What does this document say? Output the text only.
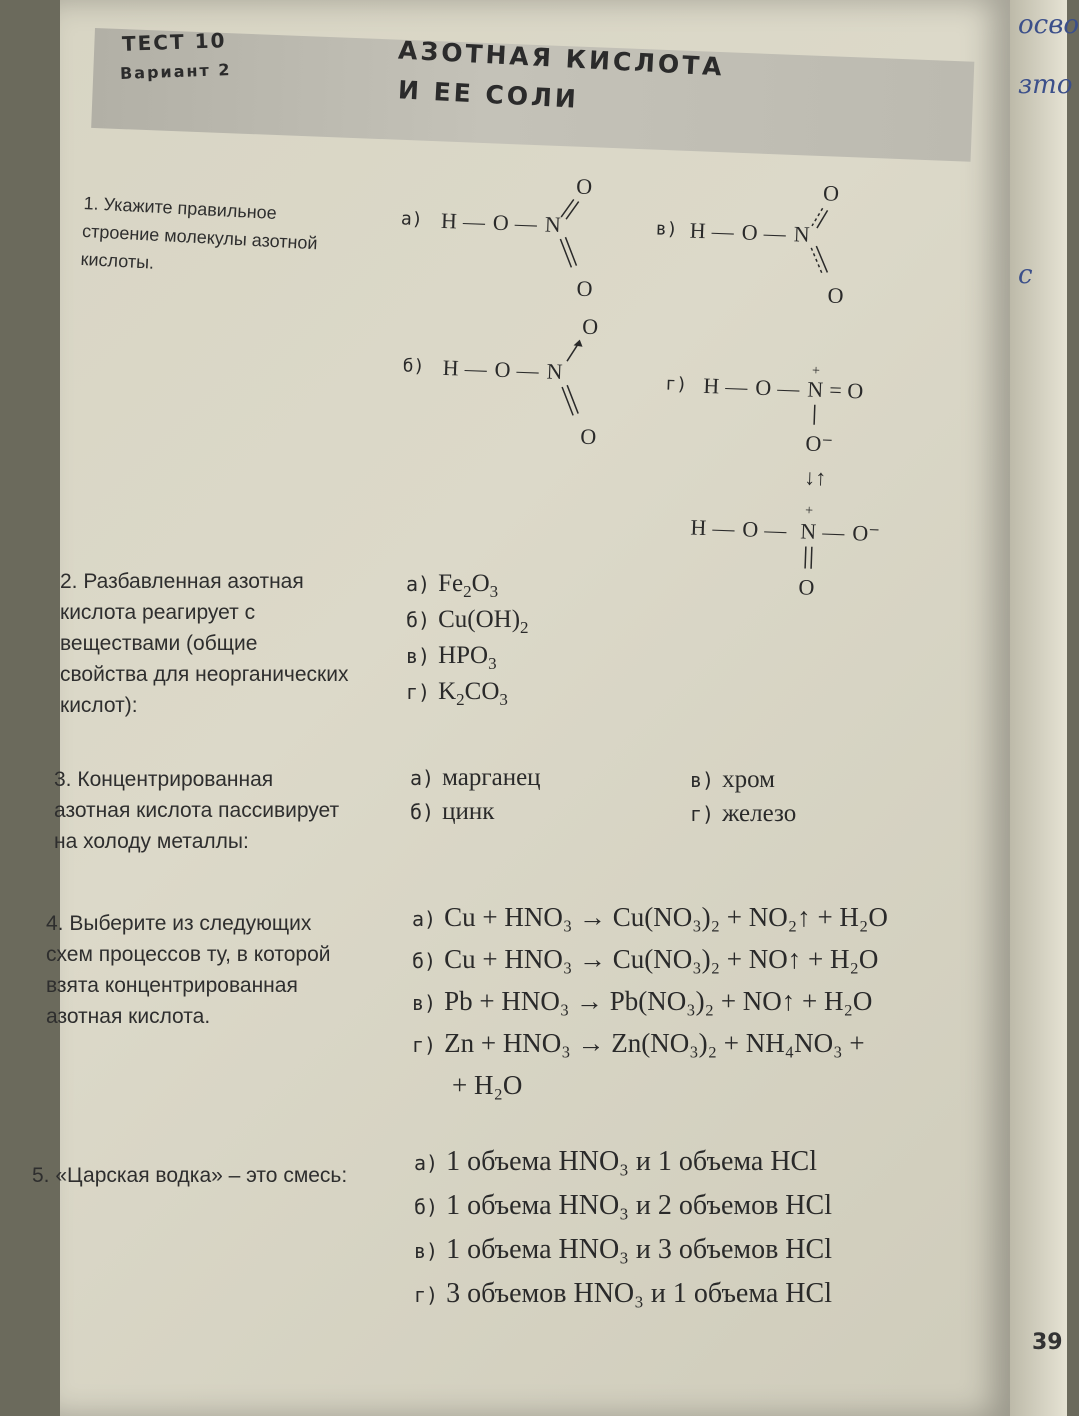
осво
зто
с
ТЕСТ 10
Вариант 2	АЗОТНАЯ КИСЛОТА
И ЕЕ СОЛИ
1. Укажите правильное строение молекулы азотной кислоты.
а) H — O — N
O
O
в) H — O — N
O
O
б) H — O — N
O
O
г) H — O —
+
N = O
O⁻
↓↑
H — O —
+
N — O⁻
O
2. Разбавленная азотная кислота реагирует с веществами (общие свойства для неорганических кислот):
а) $Fe_2O_3$
б) $Cu(OH)_2$
в) $HPO_3$
г) $K_2CO_3$
3. Концентрированная азотная кислота пассивирует на холоду металлы:
а) марганец
б) цинк
в) хром
г) железо
4. Выберите из следующих схем процессов ту, в которой взята концентрированная азотная кислота.
а) Cu + HNO₃ → Cu(NO₃)₂ + NO₂↑ + H₂O
б) Cu + HNO₃ → Cu(NO₃)₂ + NO↑ + H₂O
в) Pb + HNO₃ → Pb(NO₃)₂ + NO↑ + H₂O
г) Zn + HNO₃ → Zn(NO₃)₂ + NH₄NO₃ +
+ H₂O
5. «Царская водка» – это смесь:
а) 1 объема HNO₃ и 1 объема HCl
б) 1 объема HNO₃ и 2 объемов HCl
в) 1 объема HNO₃ и 3 объемов HCl
г) 3 объемов HNO₃ и 1 объема HCl
39
